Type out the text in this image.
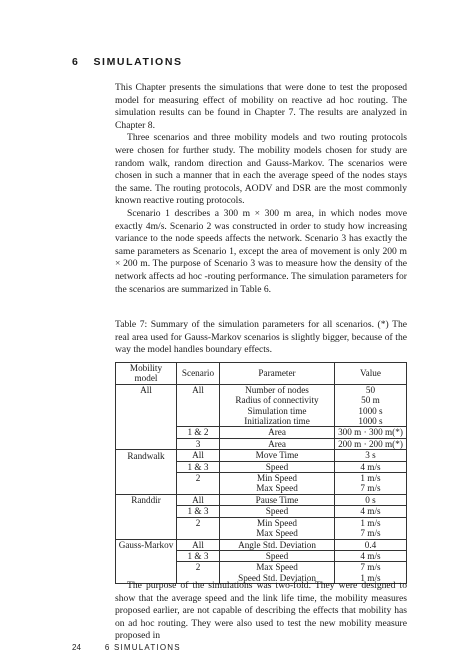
6 SIMULATIONS

This Chapter presents the simulations that were done to test the proposed model for measuring effect of mobility on reactive ad hoc routing. The simulation results can be found in Chapter 7. The results are analyzed in Chapter 8.

Three scenarios and three mobility models and two routing protocols were chosen for further study. The mobility models chosen for study are random walk, random direction and Gauss-Markov. The scenarios were chosen in such a manner that in each the average speed of the nodes stays the same. The routing protocols, AODV and DSR are the most commonly known reactive routing protocols.

Scenario 1 describes a 300 m × 300 m area, in which nodes move exactly 4m/s. Scenario 2 was constructed in order to study how increasing variance to the node speeds affects the network. Scenario 3 has exactly the same parameters as Scenario 1, except the area of movement is only 200 m × 200 m. The purpose of Scenario 3 was to measure how the density of the network affects ad hoc -routing performance. The simulation parameters for the scenarios are summarized in Table 6.

Table 7: Summary of the simulation parameters for all scenarios. (*) The real area used for Gauss-Markov scenarios is slightly bigger, because of the way the model handles boundary effects.

Mobility model	Scenario	Parameter	Value
All	All	Number of nodes	50
		Radius of connectivity	50 m
		Simulation time	1000 s
		Initialization time	1000 s
	1 & 2	Area	300 m · 300 m(*)
	3	Area	200 m · 200 m(*)
Randwalk	All	Move Time	3 s
	1 & 3	Speed	4 m/s
	2	Min Speed	1 m/s
		Max Speed	7 m/s
Randdir	All	Pause Time	0 s
	1 & 3	Speed	4 m/s
	2	Min Speed	1 m/s
		Max Speed	7 m/s
Gauss-Markov	All	Angle Std. Deviation	0.4
	1 & 3	Speed	4 m/s
	2	Max Speed	7 m/s
		Speed Std. Deviation	1 m/s

The purpose of the simulations was two-fold. They were designed to show that the average speed and the link life time, the mobility measures proposed earlier, are not capable of describing the effects that mobility has on ad hoc routing. They were also used to test the new mobility measure proposed in

24	6 SIMULATIONS
